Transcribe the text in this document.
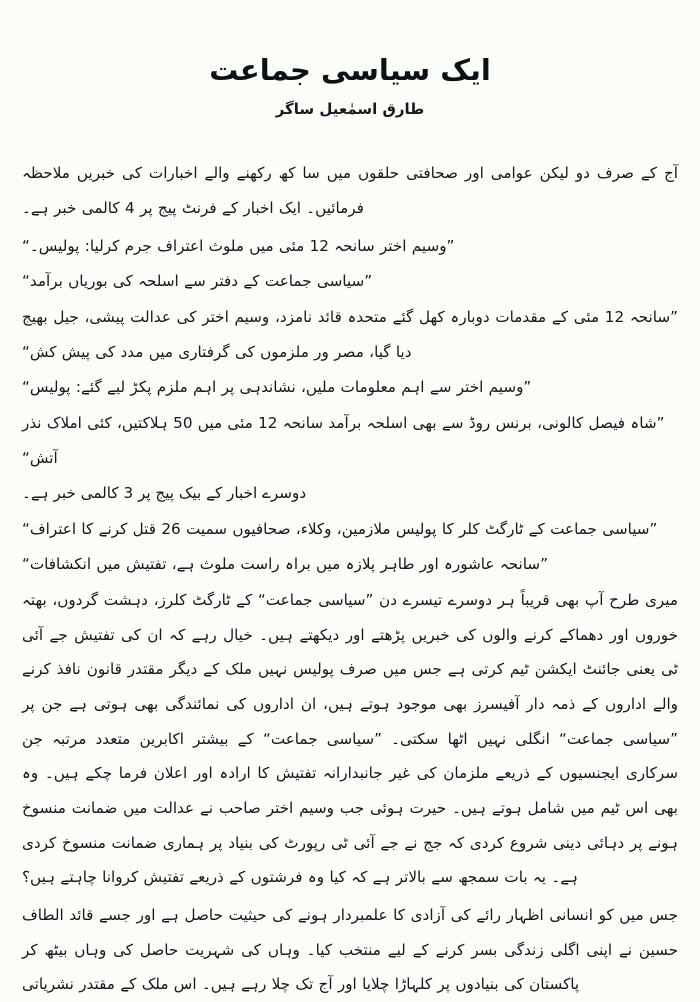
ایک سیاسی جماعت
طارق اسمٰعیل ساگر

آج کے صرف دو لیکن عوامی اور صحافتی حلقوں میں سا کھ رکھنے والے اخبارات کی خبریں ملاحظہ فرمائیں۔ ایک اخبار کے فرنٹ پیج پر 4 کالمی خبر ہے۔

”وسیم اختر سانحہ 12 مئی میں ملوث اعتراف جرم کرلیا: پولیس۔“

”سیاسی جماعت کے دفتر سے اسلحہ کی بوریاں برآمد“

”سانحہ 12 مئی کے مقدمات دوبارہ کھل گئے متحدہ قائد نامزد، وسیم اختر کی عدالت پیشی، جیل بھیج دیا گیا، مصر ور ملزموں کی گرفتاری میں مدد کی پیش کش“

”وسیم اختر سے اہم معلومات ملیں، نشاندہی پر اہم ملزم پکڑ لیے گئے: پولیس“

”شاہ فیصل کالونی، برنس روڈ سے بھی اسلحہ برآمد سانحہ 12 مئی میں 50 ہلاکتیں، کئی املاک نذر آتش“

دوسرے اخبار کے بیک پیج پر 3 کالمی خبر ہے۔

”سیاسی جماعت کے ٹارگٹ کلر کا پولیس ملازمین، وکلاء، صحافیوں سمیت 26 قتل کرنے کا اعتراف“

”سانحہ عاشورہ اور طاہر پلازہ میں براہ راست ملوث ہے، تفتیش میں انکشافات“

میری طرح آپ بھی قریباً ہر دوسرے تیسرے دن ”سیاسی جماعت“ کے ٹارگٹ کلرز، دہشت گردوں، بھتہ خوروں اور دھماکے کرنے والوں کی خبریں پڑھتے اور دیکھتے ہیں۔ خیال رہے کہ ان کی تفتیش جے آئی ٹی یعنی جائنٹ ایکشن ٹیم کرتی ہے جس میں صرف پولیس نہیں ملک کے دیگر مقتدر قانون نافذ کرنے والے اداروں کے ذمہ دار آفیسرز بھی موجود ہوتے ہیں، ان اداروں کی نمائندگی بھی ہوتی ہے جن پر ”سیاسی جماعت“ انگلی نہیں اٹھا سکتی۔ ”سیاسی جماعت“ کے بیشتر اکابرین متعدد مرتبہ جن سرکاری ایجنسیوں کے ذریعے ملزمان کی غیر جانبدارانہ تفتیش کا ارادہ اور اعلان فرما چکے ہیں۔ وہ بھی اس ٹیم میں شامل ہوتے ہیں۔ حیرت ہوئی جب وسیم اختر صاحب نے عدالت میں ضمانت منسوخ ہونے پر دہائی دینی شروع کردی کہ جج نے جے آئی ٹی رپورٹ کی بنیاد پر ہماری ضمانت منسوخ کردی ہے۔ یہ بات سمجھ سے بالاتر ہے کہ کیا وہ فرشتوں کے ذریعے تفتیش کروانا چاہتے ہیں؟

جس میں کو انسانی اظہار رائے کی آزادی کا علمبردار ہونے کی حیثیت حاصل ہے اور جسے قائد الطاف حسین نے اپنی اگلی زندگی بسر کرنے کے لیے منتخب کیا۔ وہاں کی شہریت حاصل کی وہاں بیٹھ کر پاکستان کی بنیادوں پر کلہاڑا چلایا اور آج تک چلا رہے ہیں۔ اس ملک کے مقتدر نشریاتی
